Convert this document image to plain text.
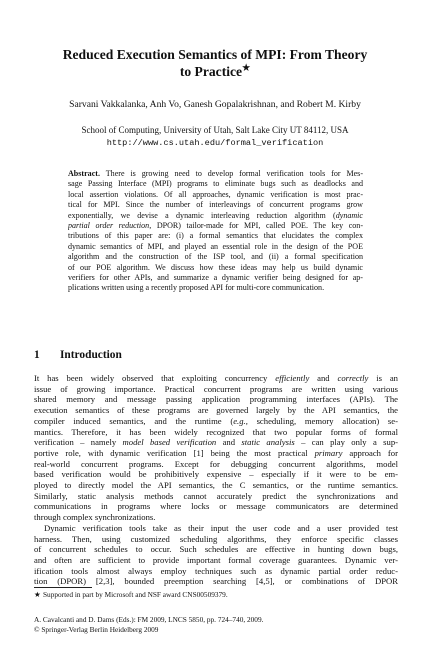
Reduced Execution Semantics of MPI: From Theory
to Practice★
Sarvani Vakkalanka, Anh Vo, Ganesh Gopalakrishnan, and Robert M. Kirby
School of Computing, University of Utah, Salt Lake City UT 84112, USA
http://www.cs.utah.edu/formal_verification
Abstract. There is growing need to develop formal verification tools for Mes-
sage Passing Interface (MPI) programs to eliminate bugs such as deadlocks and
local assertion violations. Of all approaches, dynamic verification is most prac-
tical for MPI. Since the number of interleavings of concurrent programs grow
exponentially, we devise a dynamic interleaving reduction algorithm (dynamic
partial order reduction, DPOR) tailor-made for MPI, called POE. The key con-
tributions of this paper are: (i) a formal semantics that elucidates the complex
dynamic semantics of MPI, and played an essential role in the design of the POE
algorithm and the construction of the ISP tool, and (ii) a formal specification
of our POE algorithm. We discuss how these ideas may help us build dynamic
verifiers for other APIs, and summarize a dynamic verifier being designed for ap-
plications written using a recently proposed API for multi-core communication.
1 Introduction
It has been widely observed that exploiting concurrency efficiently and correctly is an
issue of growing importance. Practical concurrent programs are written using various
shared memory and message passing application programming interfaces (APIs). The
execution semantics of these programs are governed largely by the API semantics, the
compiler induced semantics, and the runtime (e.g., scheduling, memory allocation) se-
mantics. Therefore, it has been widely recognized that two popular forms of formal
verification – namely model based verification and static analysis – can play only a sup-
portive role, with dynamic verification [1] being the most practical primary approach for
real-world concurrent programs. Except for debugging concurrent algorithms, model
based verification would be prohibitively expensive – especially if it were to be em-
ployed to directly model the API semantics, the C semantics, or the runtime semantics.
Similarly, static analysis methods cannot accurately predict the synchronizations and
communications in programs where locks or message communicators are determined
through complex synchronizations.
Dynamic verification tools take as their input the user code and a user provided test
harness. Then, using customized scheduling algorithms, they enforce specific classes
of concurrent schedules to occur. Such schedules are effective in hunting down bugs,
and often are sufficient to provide important formal coverage guarantees. Dynamic ver-
ification tools almost always employ techniques such as dynamic partial order reduc-
tion (DPOR) [2,3], bounded preemption searching [4,5], or combinations of DPOR
★ Supported in part by Microsoft and NSF award CNS00509379.
A. Cavalcanti and D. Dams (Eds.): FM 2009, LNCS 5850, pp. 724–740, 2009.
© Springer-Verlag Berlin Heidelberg 2009
